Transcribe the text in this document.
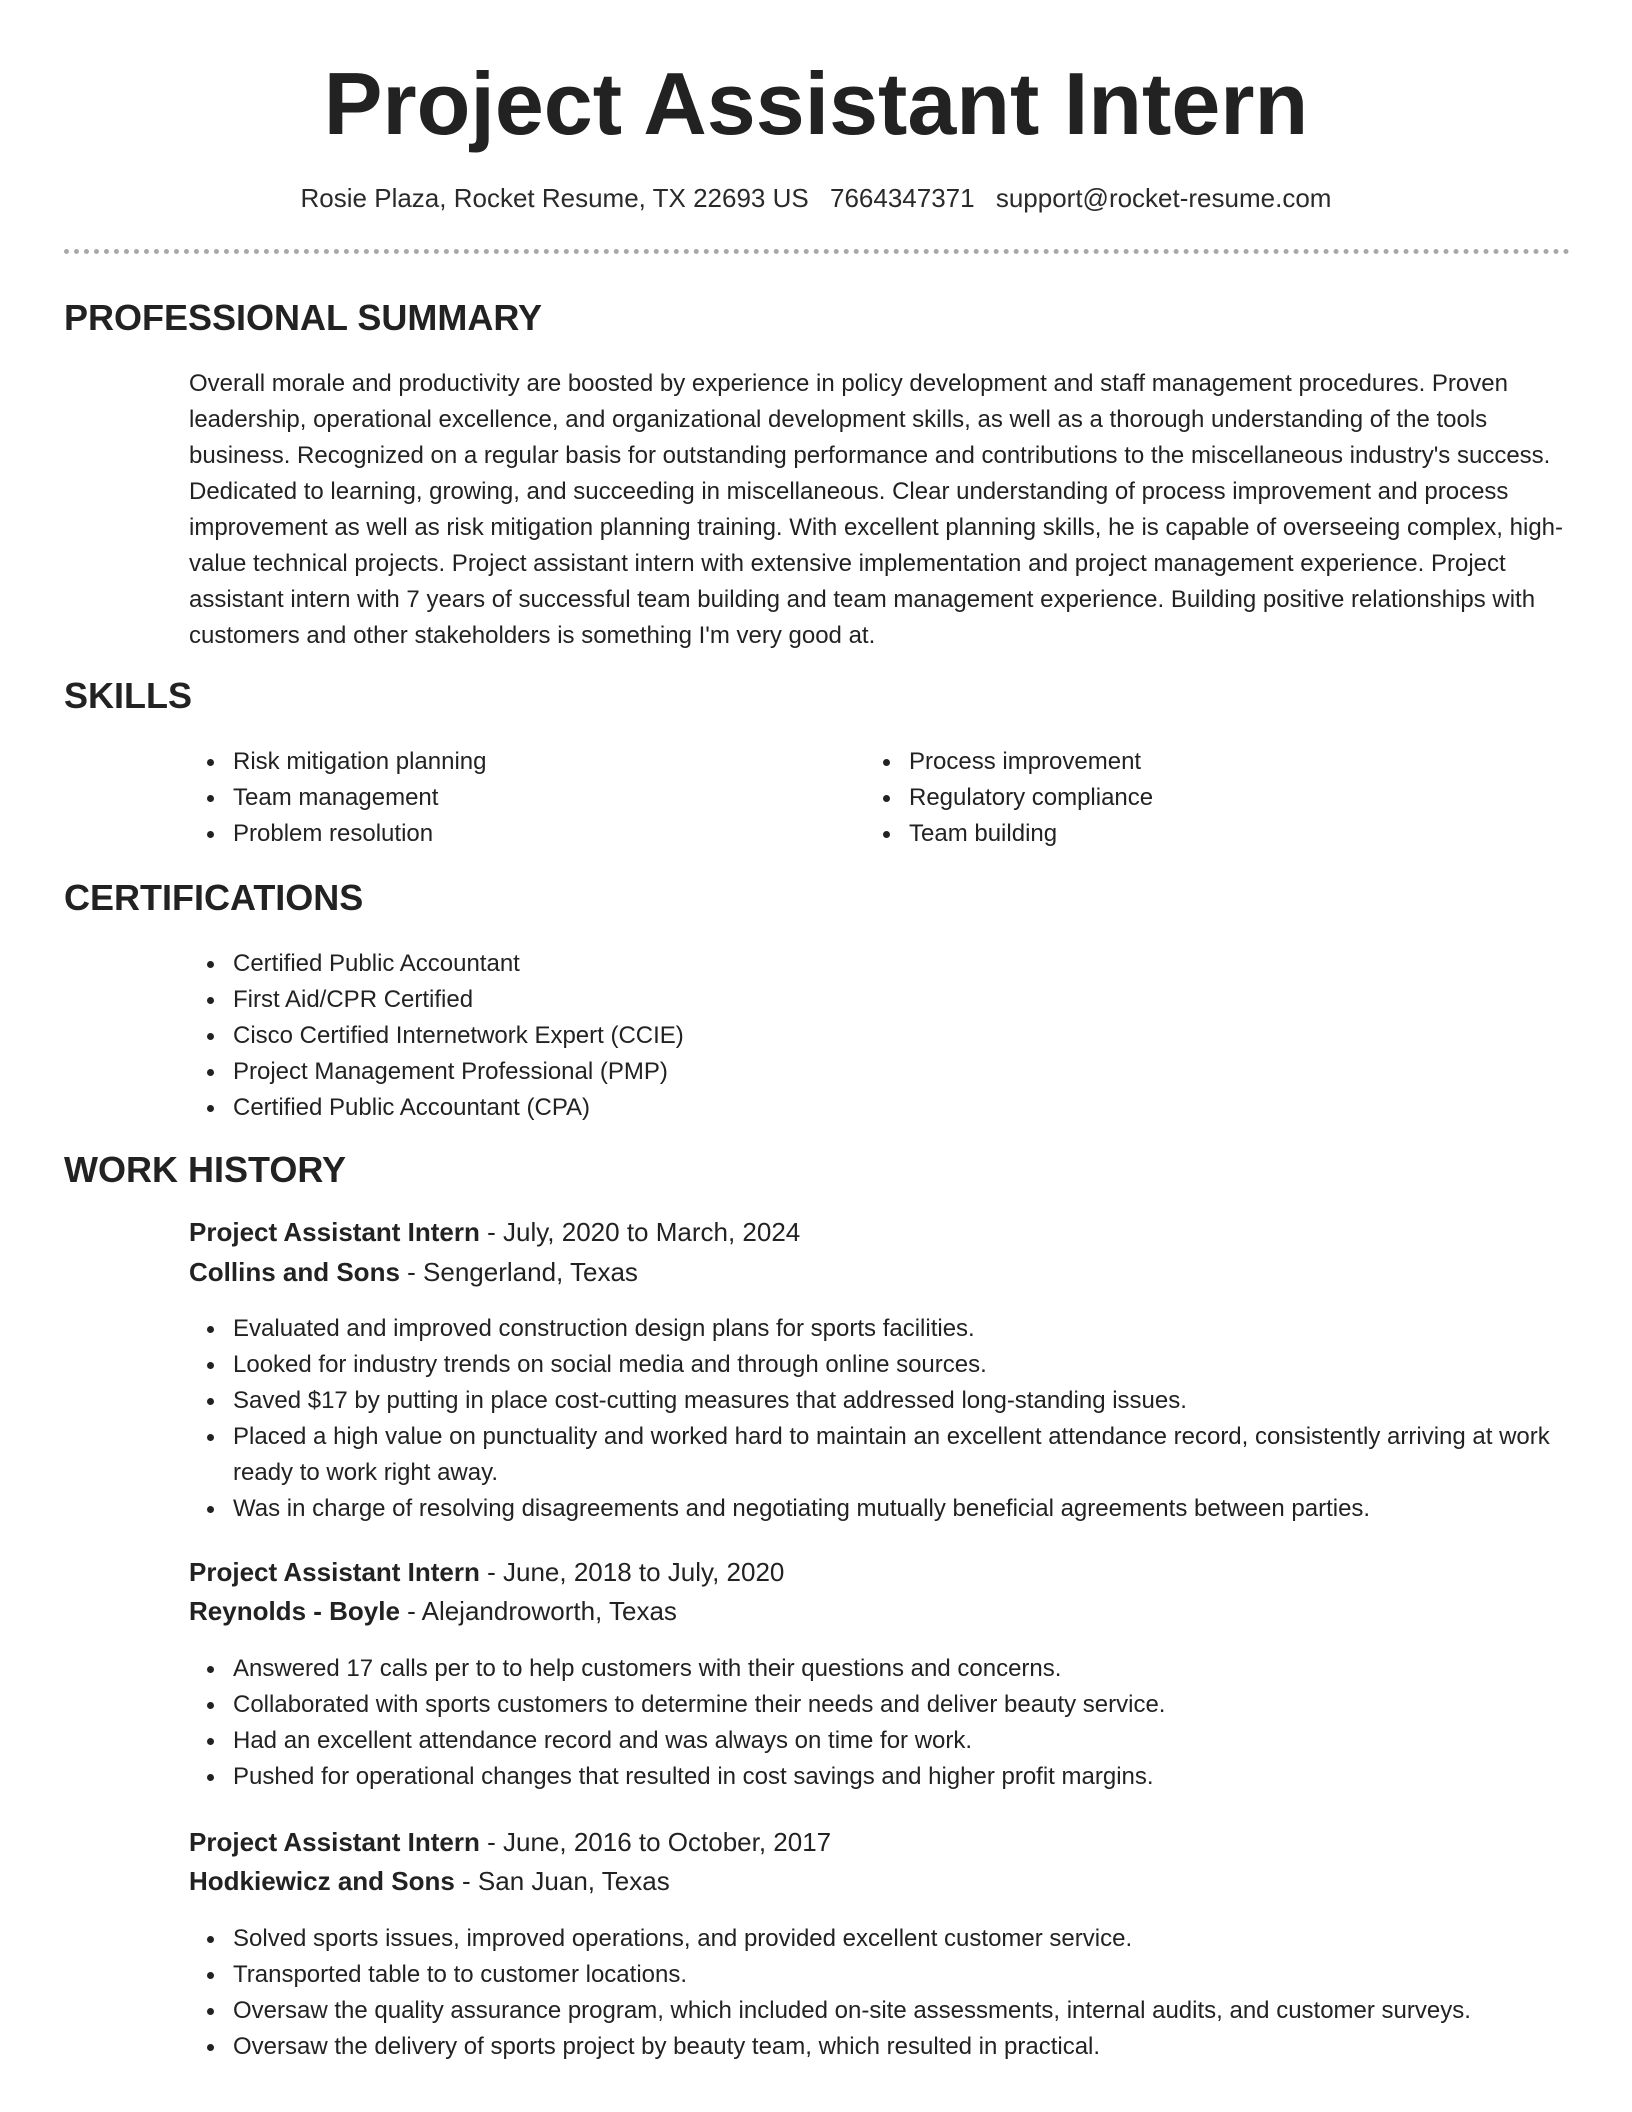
Project Assistant Intern
Rosie Plaza, Rocket Resume, TX 22693 US 7664347371 support@rocket-resume.com
PROFESSIONAL SUMMARY

Overall morale and productivity are boosted by experience in policy development and staff management procedures. Proven leadership, operational excellence, and organizational development skills, as well as a thorough understanding of the tools business. Recognized on a regular basis for outstanding performance and contributions to the miscellaneous industry's success. Dedicated to learning, growing, and succeeding in miscellaneous. Clear understanding of process improvement and process improvement as well as risk mitigation planning training. With excellent planning skills, he is capable of overseeing complex, high-value technical projects. Project assistant intern with extensive implementation and project management experience. Project assistant intern with 7 years of successful team building and team management experience. Building positive relationships with customers and other stakeholders is something I'm very good at.

SKILLS
Risk mitigation planning
Team management
Problem resolution
Process improvement
Regulatory compliance
Team building
CERTIFICATIONS
Certified Public Accountant
First Aid/CPR Certified
Cisco Certified Internetwork Expert (CCIE)
Project Management Professional (PMP)
Certified Public Accountant (CPA)
WORK HISTORY
Project Assistant Intern - July, 2020 to March, 2024
Collins and Sons - Sengerland, Texas
Evaluated and improved construction design plans for sports facilities.
Looked for industry trends on social media and through online sources.
Saved $17 by putting in place cost-cutting measures that addressed long-standing issues.
Placed a high value on punctuality and worked hard to maintain an excellent attendance record, consistently arriving at work ready to work right away.
Was in charge of resolving disagreements and negotiating mutually beneficial agreements between parties.
Project Assistant Intern - June, 2018 to July, 2020
Reynolds - Boyle - Alejandroworth, Texas
Answered 17 calls per to to help customers with their questions and concerns.
Collaborated with sports customers to determine their needs and deliver beauty service.
Had an excellent attendance record and was always on time for work.
Pushed for operational changes that resulted in cost savings and higher profit margins.
Project Assistant Intern - June, 2016 to October, 2017
Hodkiewicz and Sons - San Juan, Texas
Solved sports issues, improved operations, and provided excellent customer service.
Transported table to to customer locations.
Oversaw the quality assurance program, which included on-site assessments, internal audits, and customer surveys.
Oversaw the delivery of sports project by beauty team, which resulted in practical.
